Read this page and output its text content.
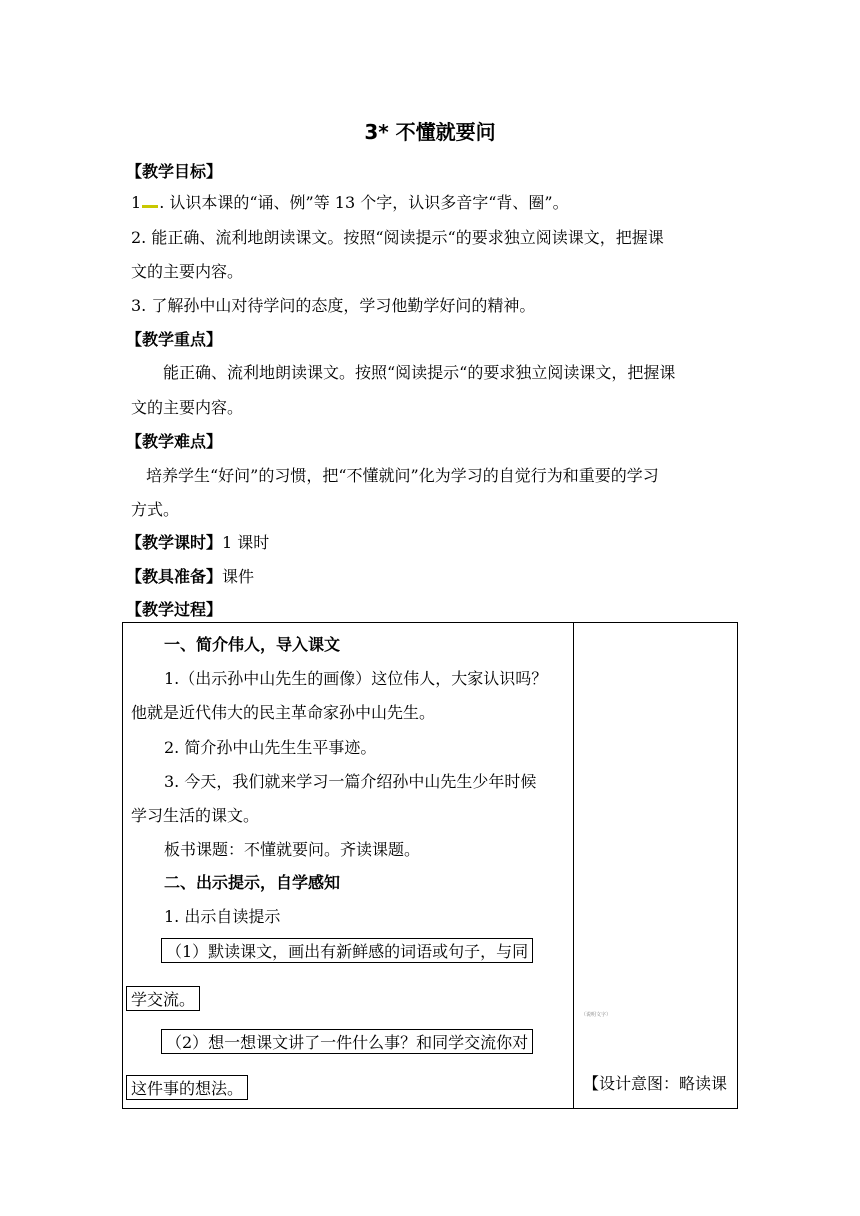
3* 不懂就要问
【教学目标】
1 . 认识本课的“诵、例”等 13 个字，认识多音字“背、圈”。
2. 能正确、流利地朗读课文。按照“阅读提示“的要求独立阅读课文，把握课
文的主要内容。
3. 了解孙中山对待学问的态度，学习他勤学好问的精神。
【教学重点】
能正确、流利地朗读课文。按照“阅读提示“的要求独立阅读课文，把握课
文的主要内容。
【教学难点】
培养学生“好问”的习惯，把“不懂就问”化为学习的自觉行为和重要的学习
方式。
【教学课时】1 课时
【教具准备】课件
【教学过程】
一、简介伟人，导入课文
1.（出示孙中山先生的画像）这位伟人，大家认识吗？
他就是近代伟大的民主革命家孙中山先生。
2. 简介孙中山先生生平事迹。
3. 今天，我们就来学习一篇介绍孙中山先生少年时候
学习生活的课文。
板书课题：不懂就要问。齐读课题。
二、出示提示，自学感知
1. 出示自读提示
（1）默读课文，画出有新鲜感的词语或句子，与同
学交流。
（2）想一想课文讲了一件什么事？和同学交流你对
这件事的想法。
（说明文字）
【设计意图：略读课
